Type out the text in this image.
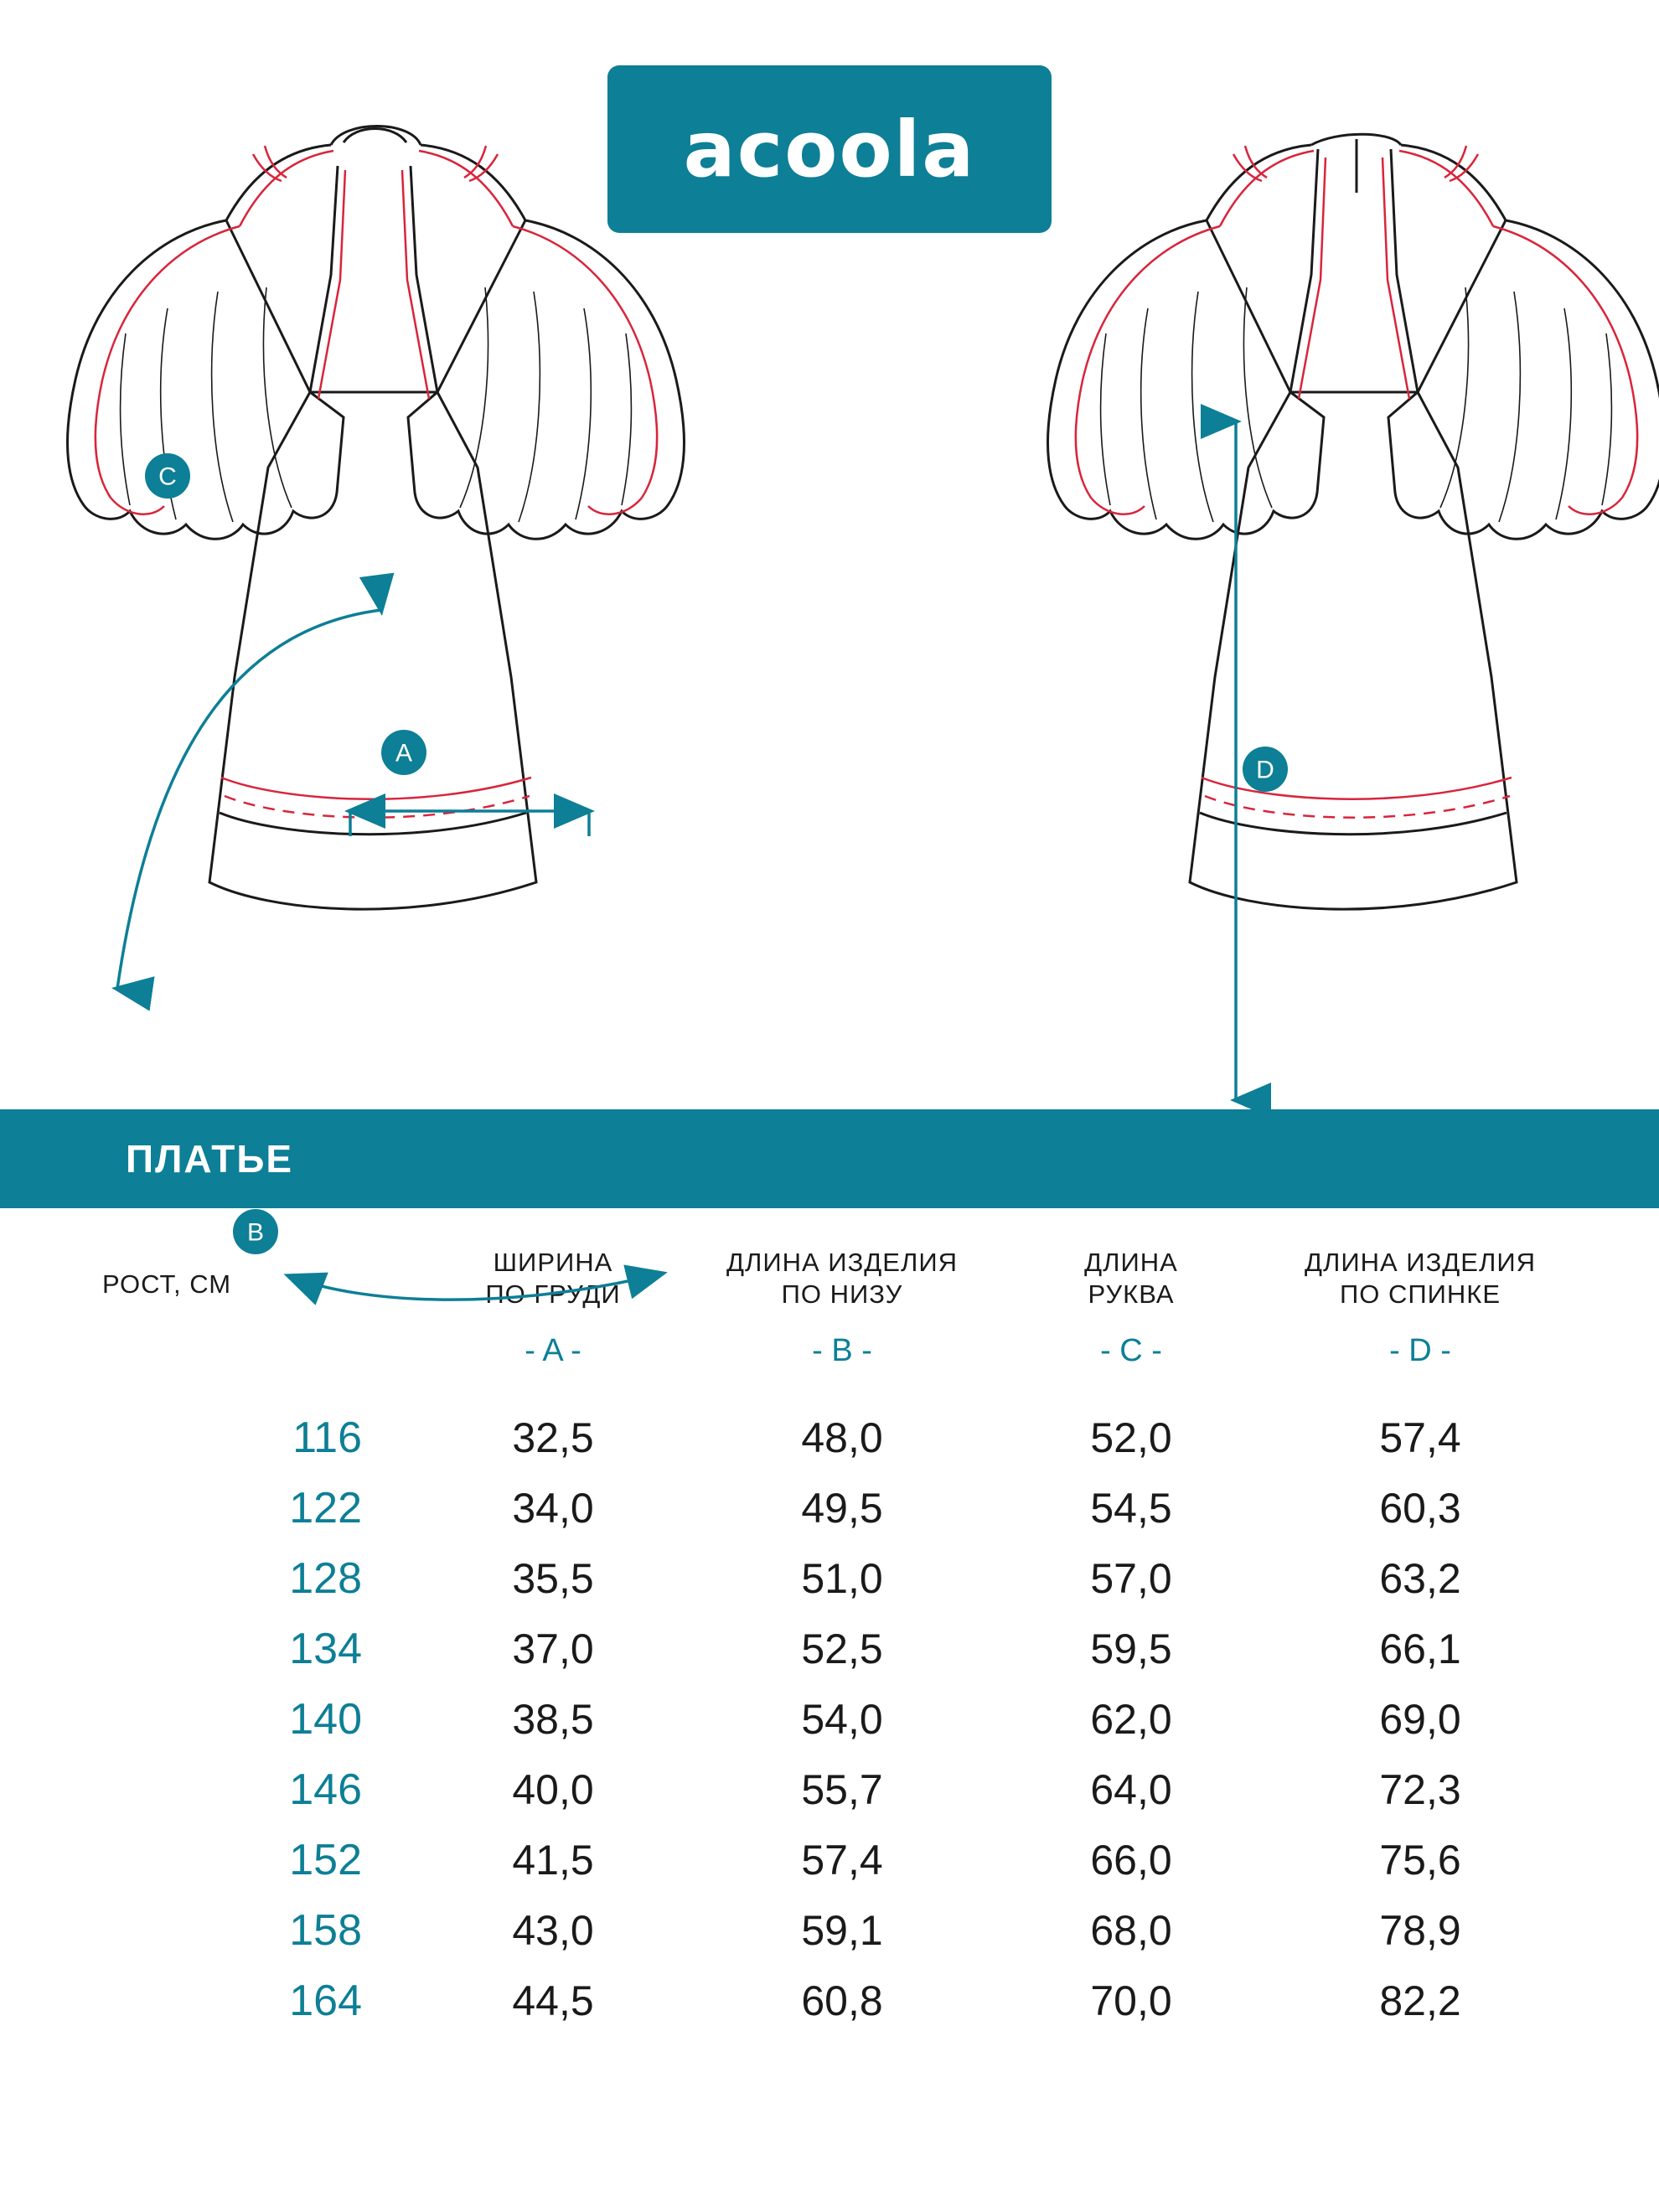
acoola
C
A
B
D
ПЛАТЬЕ
РОСТ, СМ

ШИРИНА
ПО ГРУДИ

ДЛИНА ИЗДЕЛИЯ
ПО НИЗУ

ДЛИНА
РУКВА

ДЛИНА ИЗДЕЛИЯ
ПО СПИНКЕ

	- A -	- B -	- C -	- D -
116	32,5	48,0	52,0	57,4
122	34,0	49,5	54,5	60,3
128	35,5	51,0	57,0	63,2
134	37,0	52,5	59,5	66,1
140	38,5	54,0	62,0	69,0
146	40,0	55,7	64,0	72,3
152	41,5	57,4	66,0	75,6
158	43,0	59,1	68,0	78,9
164	44,5	60,8	70,0	82,2
